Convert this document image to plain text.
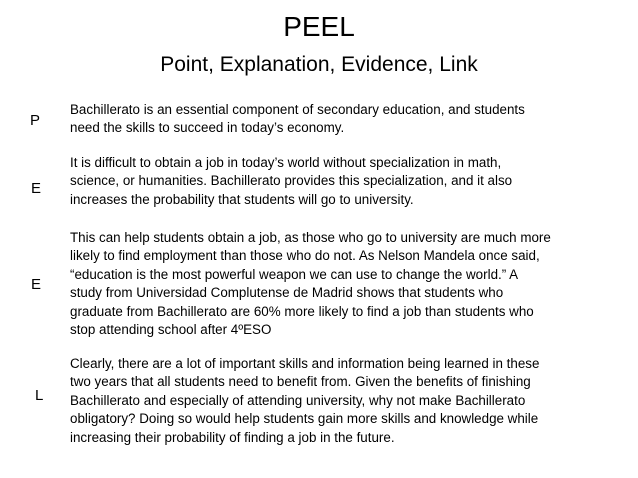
PEEL
Point, Explanation, Evidence, Link
P

Bachillerato is an essential component of secondary education, and students
need the skills to succeed in today’s economy.

E

It is difficult to obtain a job in today’s world without specialization in math,
science, or humanities. Bachillerato provides this specialization, and it also
increases the probability that students will go to university.

E

This can help students obtain a job, as those who go to university are much more
likely to find employment than those who do not. As Nelson Mandela once said,
“education is the most powerful weapon we can use to change the world.” A
study from Universidad Complutense de Madrid shows that students who
graduate from Bachillerato are 60% more likely to find a job than students who
stop attending school after 4ºESO

L

Clearly, there are a lot of important skills and information being learned in these
two years that all students need to benefit from. Given the benefits of finishing
Bachillerato and especially of attending university, why not make Bachillerato
obligatory? Doing so would help students gain more skills and knowledge while
increasing their probability of finding a job in the future.
